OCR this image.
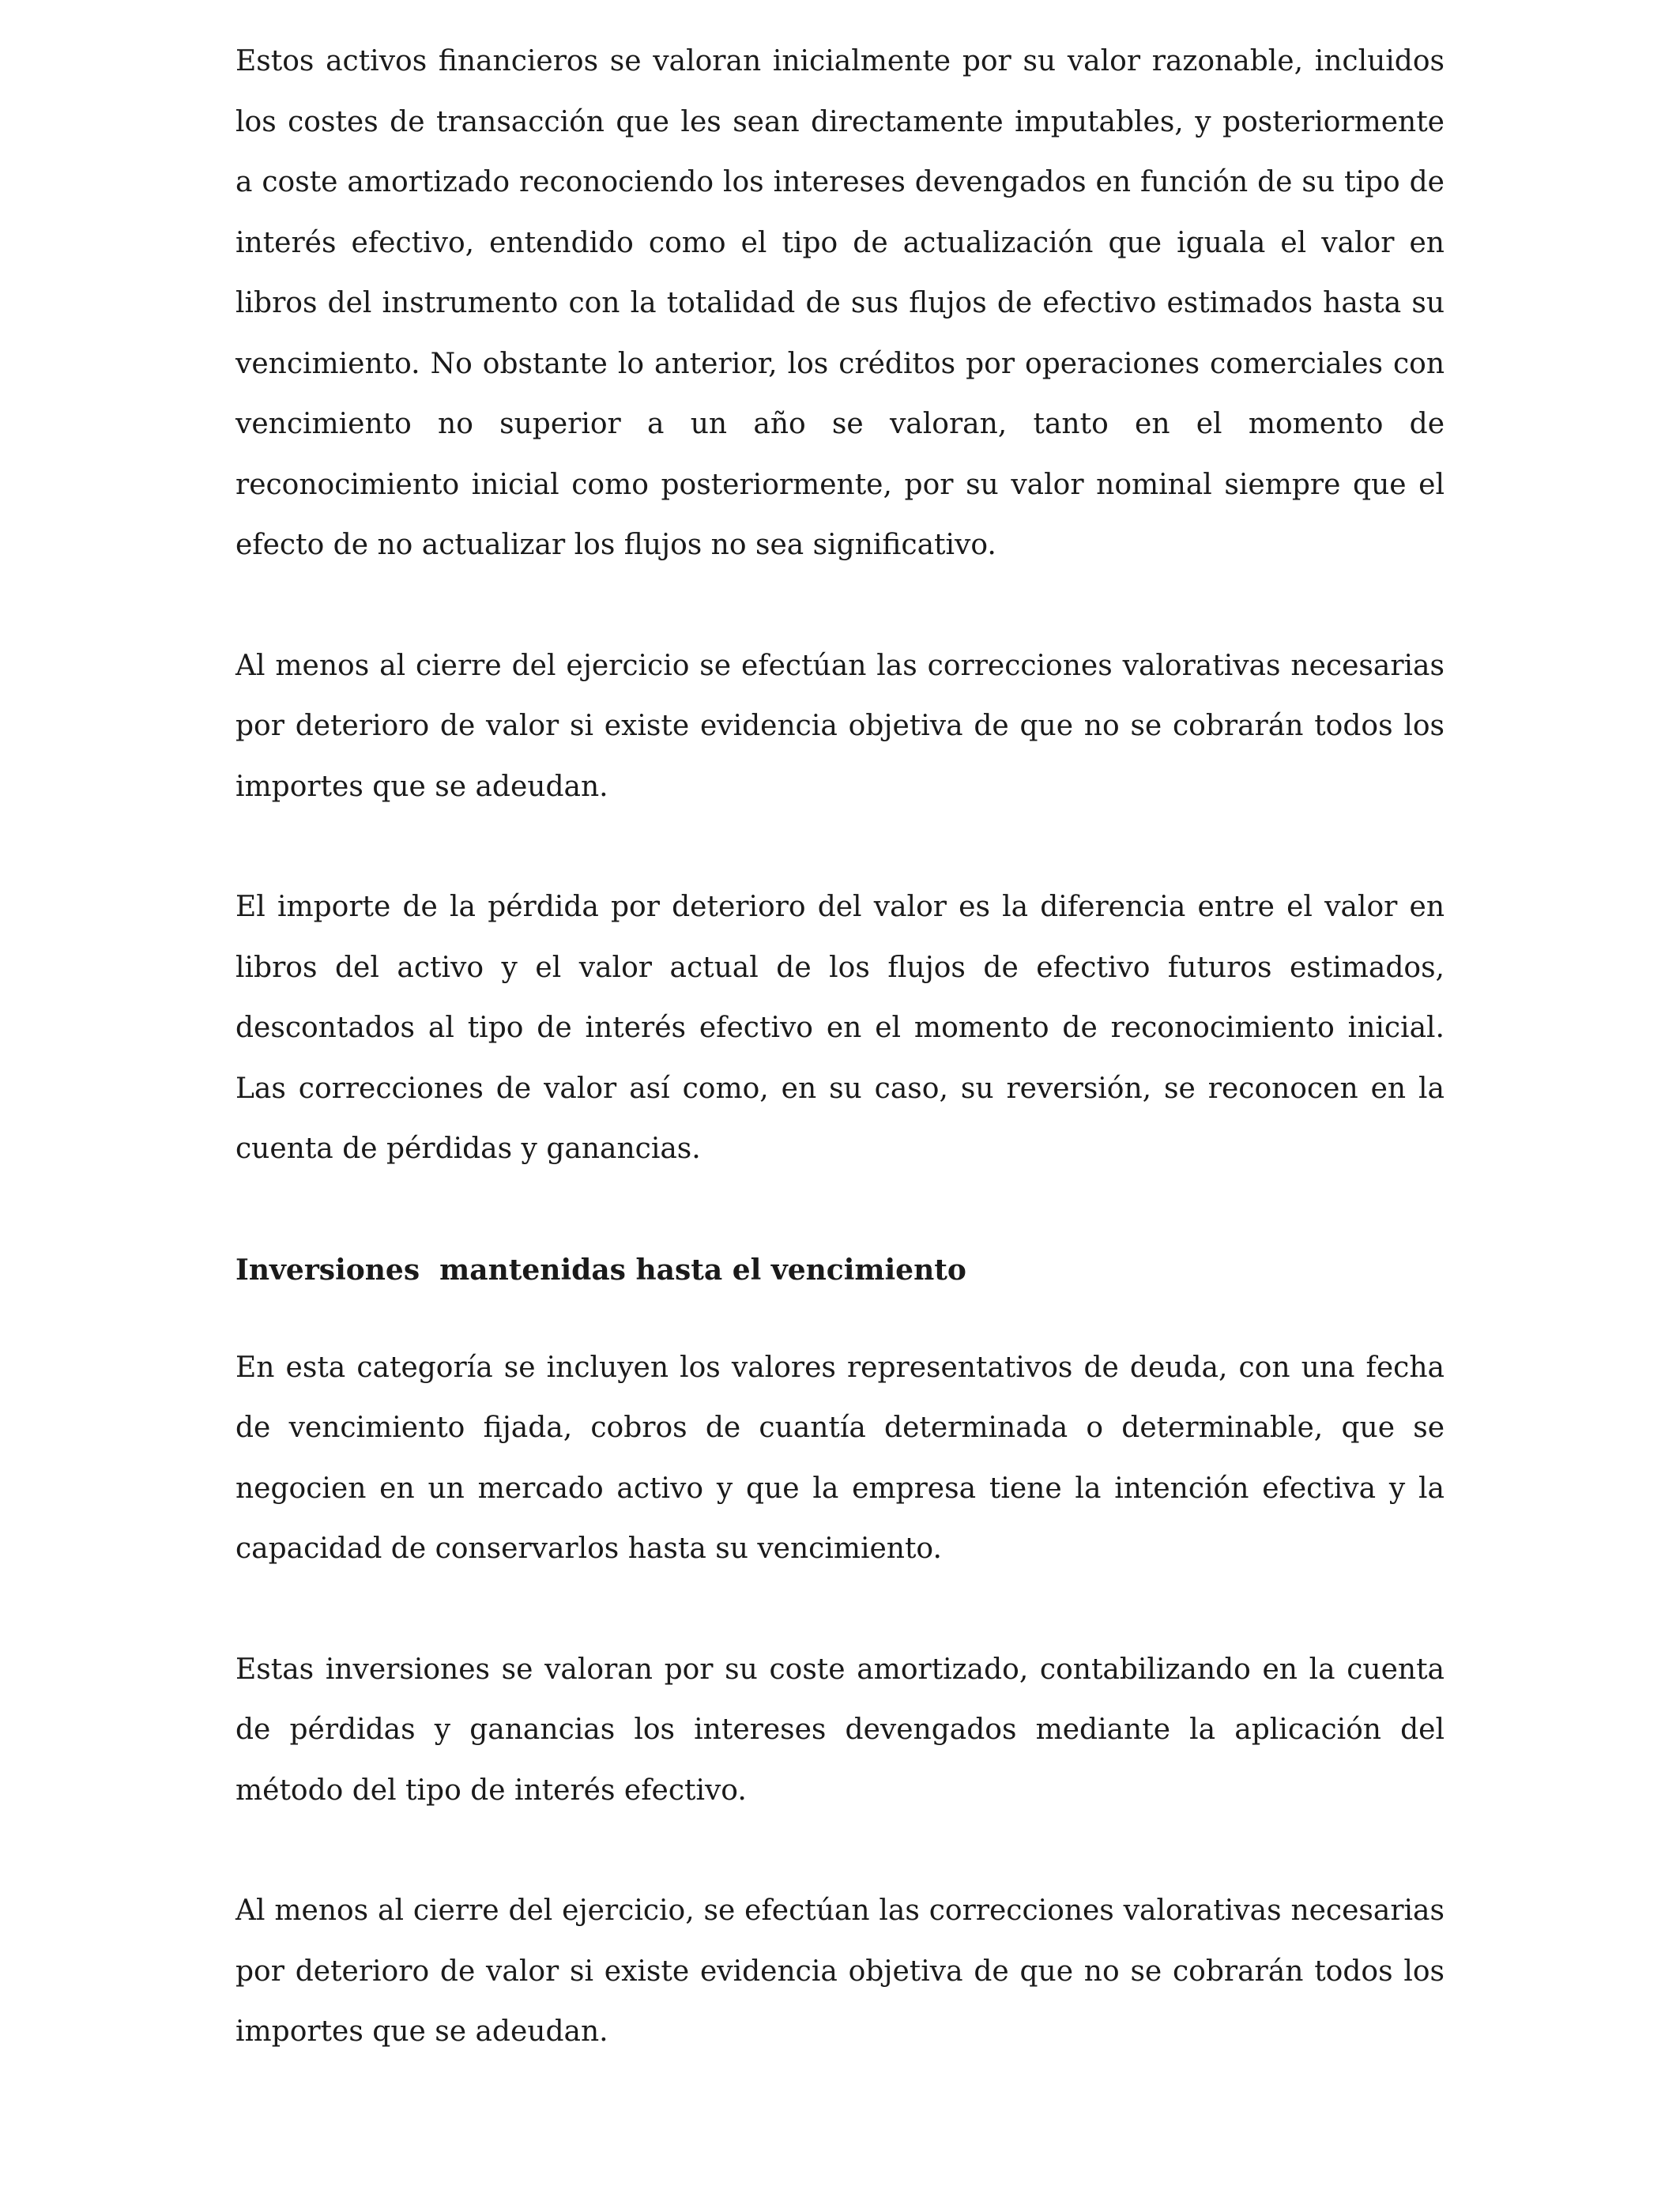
Estos activos financieros se valoran inicialmente por su valor razonable, incluidos los costes de transacción que les sean directamente imputables, y posteriormente a coste amortizado reconociendo los intereses devengados en función de su tipo de interés efectivo, entendido como el tipo de actualización que iguala el valor en libros del instrumento con la totalidad de sus flujos de efectivo estimados hasta su vencimiento. No obstante lo anterior, los créditos por operaciones comerciales con vencimiento no superior a un año se valoran, tanto en el momento de reconocimiento inicial como posteriormente, por su valor nominal siempre que el efecto de no actualizar los flujos no sea significativo.

Al menos al cierre del ejercicio se efectúan las correcciones valorativas necesarias por deterioro de valor si existe evidencia objetiva de que no se cobrarán todos los importes que se adeudan.

El importe de la pérdida por deterioro del valor es la diferencia entre el valor en libros del activo y el valor actual de los flujos de efectivo futuros estimados, descontados al tipo de interés efectivo en el momento de reconocimiento inicial. Las correcciones de valor así como, en su caso, su reversión, se reconocen en la cuenta de pérdidas y ganancias.

Inversiones  mantenidas hasta el vencimiento

En esta categoría se incluyen los valores representativos de deuda, con una fecha de vencimiento fijada, cobros de cuantía determinada o determinable, que se negocien en un mercado activo y que la empresa tiene la intención efectiva y la capacidad de conservarlos hasta su vencimiento.

Estas inversiones se valoran por su coste amortizado, contabilizando en la cuenta de pérdidas y ganancias los intereses devengados mediante la aplicación del método del tipo de interés efectivo.

Al menos al cierre del ejercicio, se efectúan las correcciones valorativas necesarias por deterioro de valor si existe evidencia objetiva de que no se cobrarán todos los importes que se adeudan.
